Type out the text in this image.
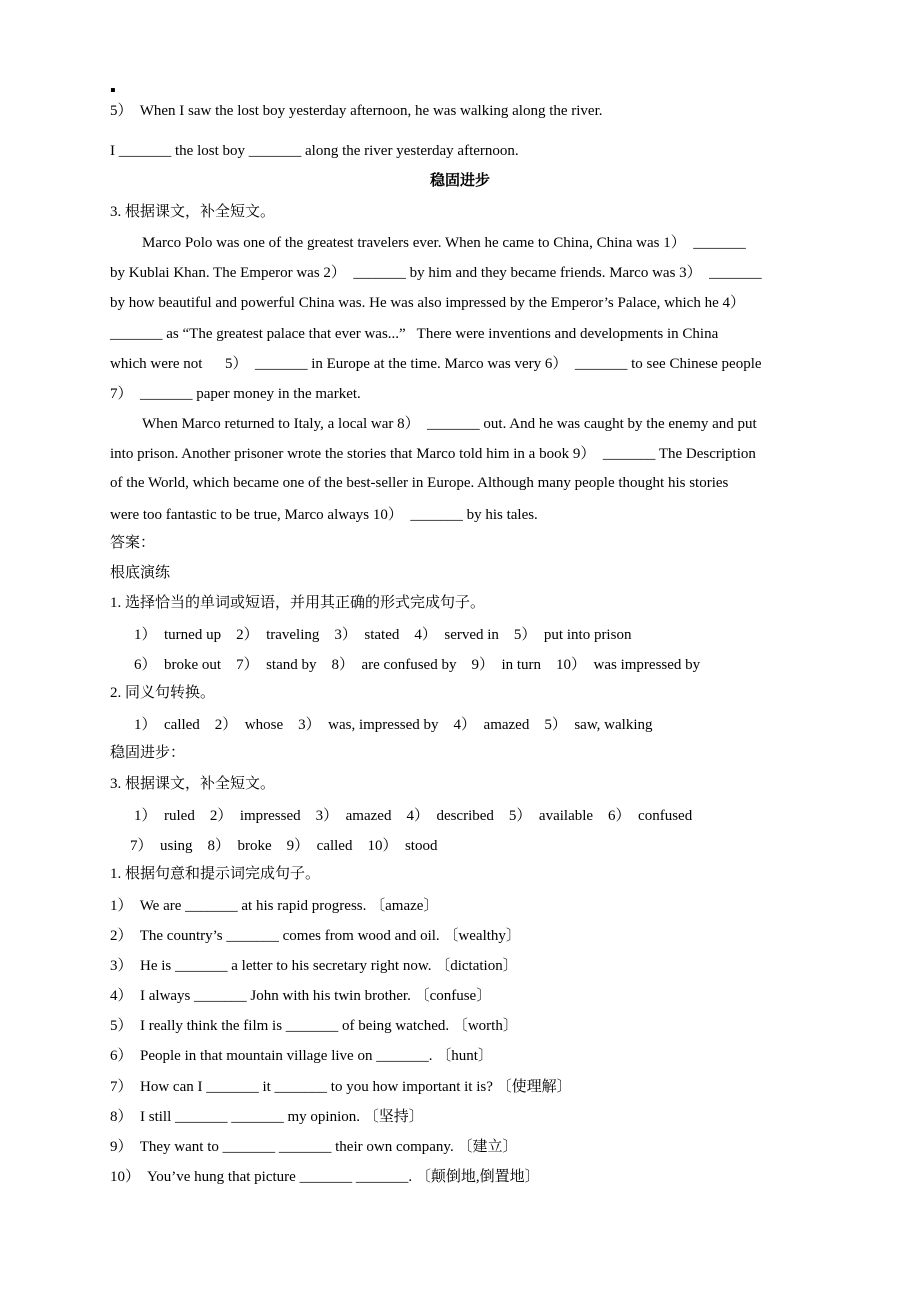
▪
5）  When I saw the lost boy yesterday afternoon, he was walking along the river.
I _______ the lost boy _______ along the river yesterday afternoon.
稳固进步
3. 根据课文，补全短文。
Marco Polo was one of the greatest travelers ever. When he came to China, China was 1）  _______
by Kublai Khan. The Emperor was 2）  _______ by him and they became friends. Marco was 3）  _______
by how beautiful and powerful China was. He was also impressed by the Emperor’s Palace, which he 4）
_______ as “The greatest palace that ever was...”   There were inventions and developments in China
which were not      5）  _______ in Europe at the time. Marco was very 6）  _______ to see Chinese people
7）  _______ paper money in the market.
When Marco returned to Italy, a local war 8）  _______ out. And he was caught by the enemy and put
into prison. Another prisoner wrote the stories that Marco told him in a book 9）  _______ The Description
of the World, which became one of the best-seller in Europe. Although many people thought his stories
were too fantastic to be true, Marco always 10）  _______ by his tales.
答案：
根底演练
1. 选择恰当的单词或短语，并用其正确的形式完成句子。
1）  turned up    2）  traveling    3）  stated    4）  served in    5）  put into prison
6）  broke out    7）  stand by    8）  are confused by    9）  in turn    10）  was impressed by
2. 同义句转换。
1）  called    2）  whose    3）  was, impressed by    4）  amazed    5）  saw, walking
稳固进步：
3. 根据课文，补全短文。
1）  ruled    2）  impressed    3）  amazed    4）  described    5）  available    6）  confused
7）  using    8）  broke    9）  called    10）  stood
1. 根据句意和提示词完成句子。
1）  We are _______ at his rapid progress. 〔amaze〕
2）  The country’s _______ comes from wood and oil. 〔wealthy〕
3）  He is _______ a letter to his secretary right now. 〔dictation〕
4）  I always _______ John with his twin brother. 〔confuse〕
5）  I really think the film is _______ of being watched. 〔worth〕
6）  People in that mountain village live on _______. 〔hunt〕
7）  How can I _______ it _______ to you how important it is? 〔使理解〕
8）  I still _______ _______ my opinion. 〔坚持〕
9）  They want to _______ _______ their own company. 〔建立〕
10）  You’ve hung that picture _______ _______. 〔颠倒地,倒置地〕
